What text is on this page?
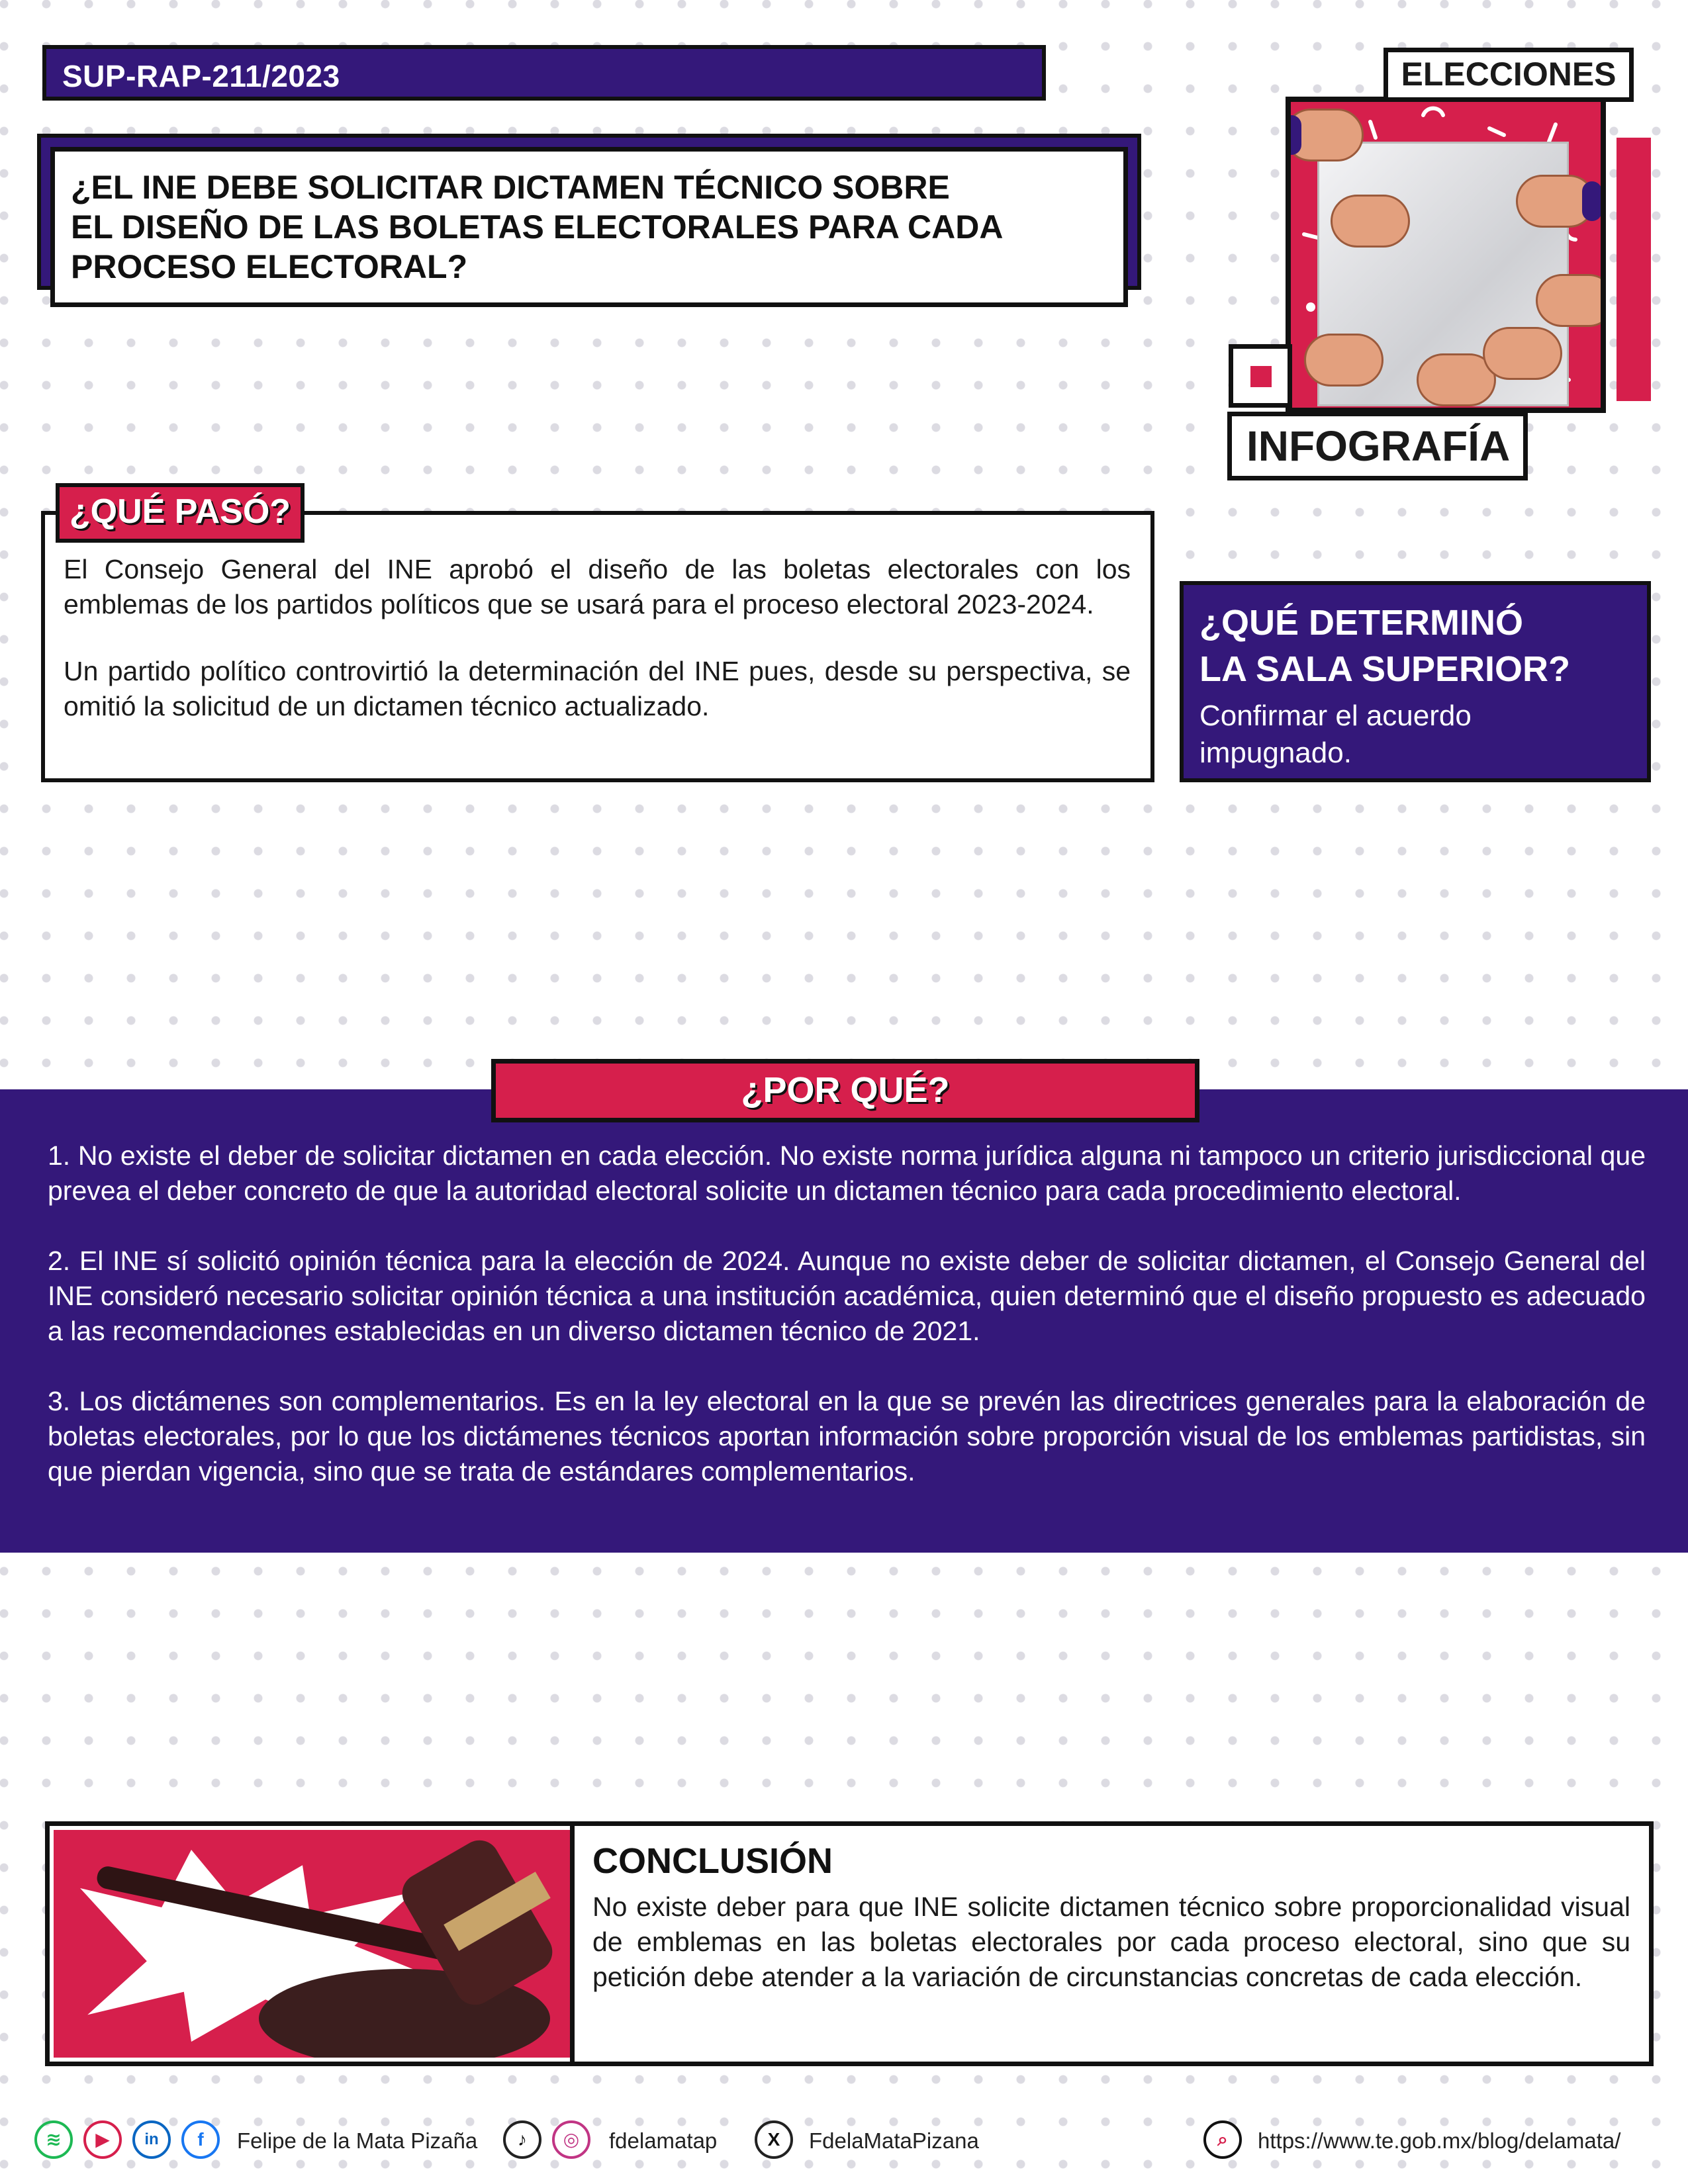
SUP-RAP-211/2023
¿EL INE DEBE SOLICITAR DICTAMEN TÉCNICO SOBRE
EL DISEÑO DE LAS BOLETAS ELECTORALES PARA CADA
PROCESO ELECTORAL?
ELECCIONES
INFOGRAFÍA

El Consejo General del INE aprobó el diseño de las boletas electorales con los emblemas de los partidos políticos que se usará para el proceso electoral 2023-2024.

Un partido político controvirtió la determinación del INE pues, desde su perspectiva, se omitió la solicitud de un dictamen técnico actualizado.

¿QUÉ PASÓ?
¿QUÉ DETERMINÓ
LA SALA SUPERIOR?
Confirmar el acuerdo impugnado.

1. No existe el deber de solicitar dictamen en cada elección. No existe norma jurídica alguna ni tampoco un criterio jurisdiccional que prevea el deber concreto de que la autoridad electoral solicite un dictamen técnico para cada procedimiento electoral.

2. El INE sí solicitó opinión técnica para la elección de 2024. Aunque no existe deber de solicitar dictamen, el Consejo General del INE consideró necesario solicitar opinión técnica a una institución académica, quien determinó que el diseño propuesto es adecuado a las recomendaciones establecidas en un diverso dictamen técnico de 2021.

3. Los dictámenes son complementarios. Es en la ley electoral en la que se prevén las directrices generales para la elaboración de boletas electorales, por lo que los dictámenes técnicos aportan información sobre proporción visual de los emblemas partidistas, sin que pierdan vigencia, sino que se trata de estándares complementarios.

¿POR QUÉ?
CONCLUSIÓN
No existe deber para que INE solicite dictamen técnico sobre proporcionalidad visual de emblemas en las boletas electorales por cada proceso electoral, sino que su petición debe atender a la variación de circunstancias concretas de cada elección.
≋	▶	in	f	Felipe de la Mata Pizaña	♪	◎	fdelamatap	X	FdelaMataPizana	⌕	https://www.te.gob.mx/blog/delamata/
